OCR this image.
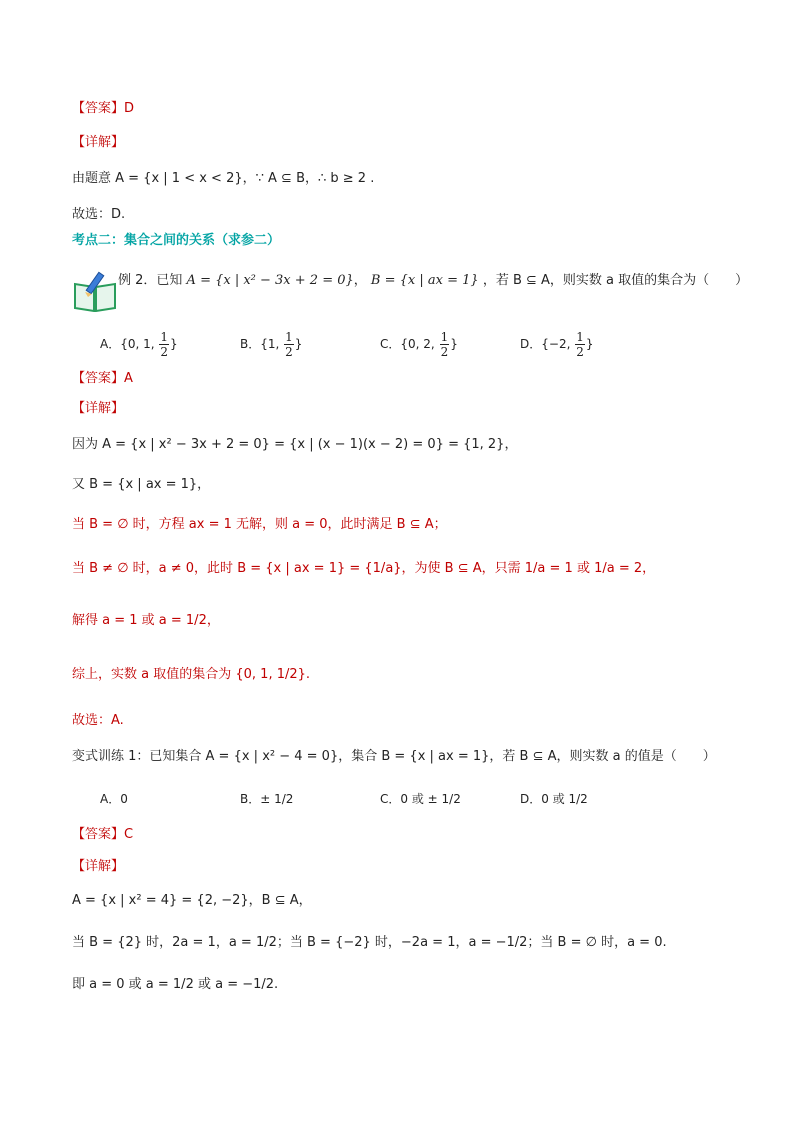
【答案】D
【详解】
由题意 A = {x | 1 < x < 2}，∵ A ⊆ B，∴ b ≥ 2 .
故选：D.
考点二：集合之间的关系（求参二）
例 2．已知 A = {x | x² − 3x + 2 = 0}， B = {x | ax = 1} ，若 B ⊆ A，则实数 a 取值的集合为（　　）
A．{0, 1, $\frac{1}{2}$ }	B．{1, $\frac{1}{2}$ }	C．{0, 2, $\frac{1}{2}$ }	D．{−2, $\frac{1}{2}$ }
【答案】A
【详解】
因为 A = {x | x² − 3x + 2 = 0} = {x | (x − 1)(x − 2) = 0} = {1, 2}，
又 B = {x | ax = 1}，
当 B = ∅ 时，方程 ax = 1 无解，则 a = 0，此时满足 B ⊆ A；
当 B ≠ ∅ 时，a ≠ 0，此时 B = {x | ax = 1} = {1/a}，为使 B ⊆ A，只需 1/a = 1 或 1/a = 2，
解得 a = 1 或 a = 1/2，
综上，实数 a 取值的集合为 {0, 1, 1/2}.
故选：A.
变式训练 1：已知集合 A = {x | x² − 4 = 0}，集合 B = {x | ax = 1}，若 B ⊆ A，则实数 a 的值是（　　）
A．0	B．± 1/2	C．0 或 ± 1/2	D．0 或 1/2
【答案】C
【详解】
A = {x | x² = 4} = {2, −2}，B ⊆ A，
当 B = {2} 时，2a = 1，a = 1/2；当 B = {−2} 时，−2a = 1，a = −1/2；当 B = ∅ 时，a = 0.
即 a = 0 或 a = 1/2 或 a = −1/2.
